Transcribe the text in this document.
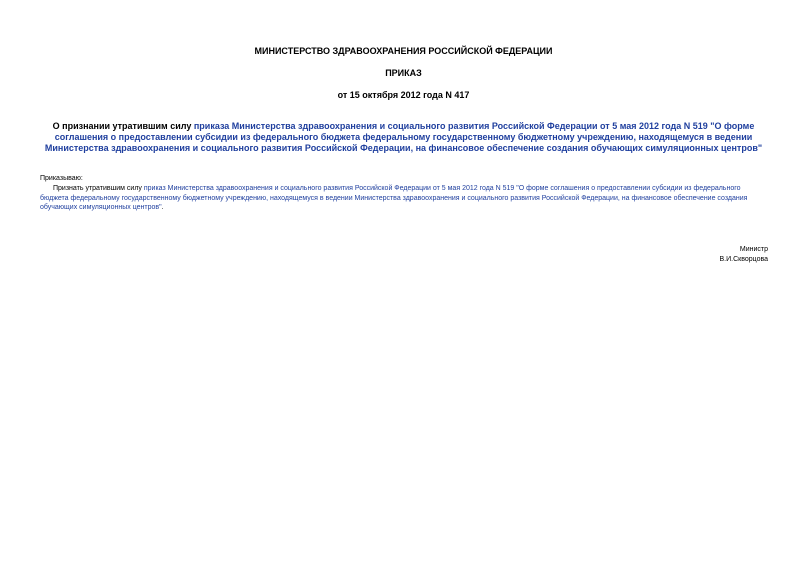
МИНИСТЕРСТВО ЗДРАВООХРАНЕНИЯ РОССИЙСКОЙ ФЕДЕРАЦИИ
ПРИКАЗ
от 15 октября 2012 года N 417
О признании утратившим силу приказа Министерства здравоохранения и социального развития Российской Федерации от 5 мая 2012 года N 519 "О форме соглашения о предоставлении субсидии из федерального бюджета федеральному государственному бюджетному учреждению, находящемуся в ведении Министерства здравоохранения и социального развития Российской Федерации, на финансовое обеспечение создания обучающих симуляционных центров"
Приказываю:
Признать утратившим силу приказ Министерства здравоохранения и социального развития Российской Федерации от 5 мая 2012 года N 519 "О форме соглашения о предоставлении субсидии из федерального бюджета федеральному государственному бюджетному учреждению, находящемуся в ведении Министерства здравоохранения и социального развития Российской Федерации, на финансовое обеспечение создания обучающих симуляционных центров".
Министр
В.И.Скворцова
